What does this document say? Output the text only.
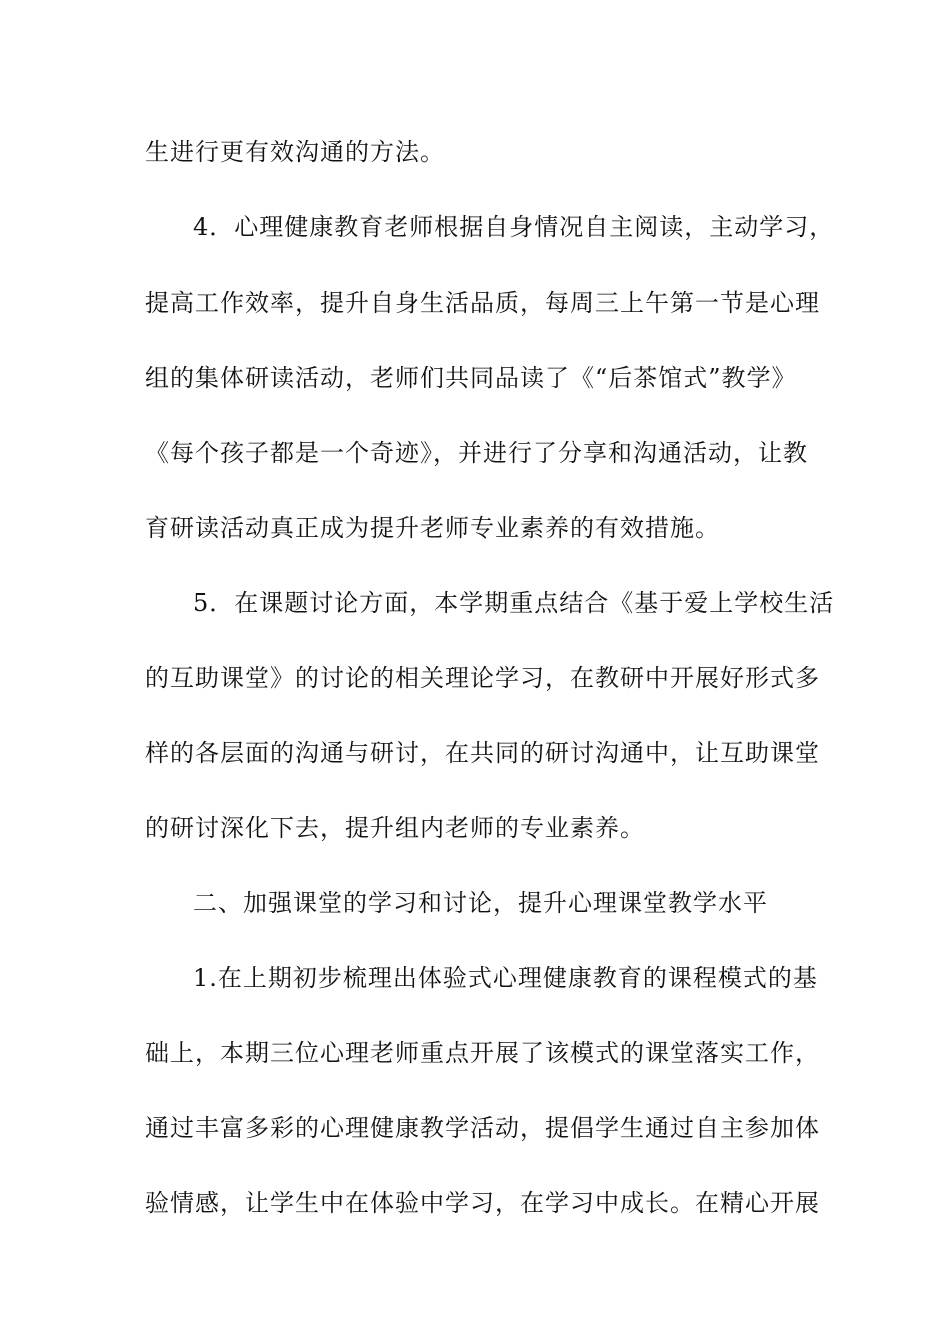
生进行更有效沟通的方法。
4．心理健康教育老师根据自身情况自主阅读，主动学习，
提高工作效率，提升自身生活品质，每周三上午第一节是心理
组的集体研读活动，老师们共同品读了《“后茶馆式”教学》
《每个孩子都是一个奇迹》，并进行了分享和沟通活动，让教
育研读活动真正成为提升老师专业素养的有效措施。
5．在课题讨论方面，本学期重点结合《基于爱上学校生活
的互助课堂》的讨论的相关理论学习，在教研中开展好形式多
样的各层面的沟通与研讨，在共同的研讨沟通中，让互助课堂
的研讨深化下去，提升组内老师的专业素养。
二、加强课堂的学习和讨论，提升心理课堂教学水平
1.在上期初步梳理出体验式心理健康教育的课程模式的基
础上，本期三位心理老师重点开展了该模式的课堂落实工作，
通过丰富多彩的心理健康教学活动，提倡学生通过自主参加体
验情感，让学生中在体验中学习，在学习中成长。在精心开展
